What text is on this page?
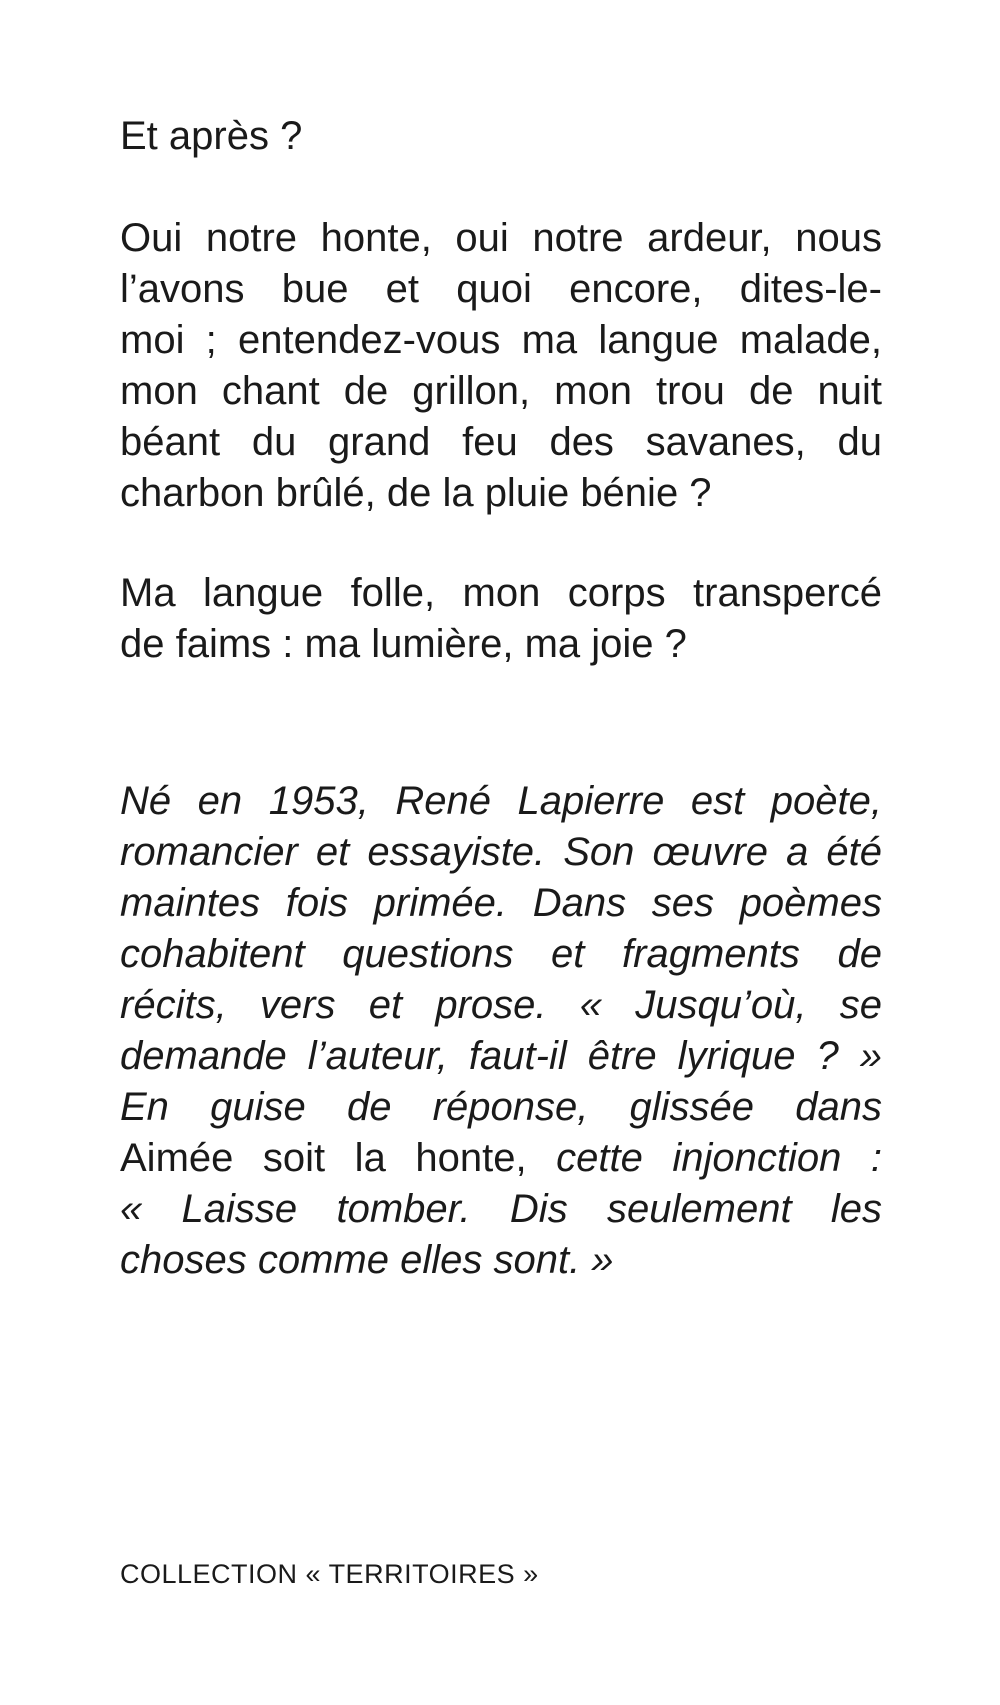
Et après ?
Oui notre honte, oui notre ardeur, nous
l’avons bue et quoi encore, dites-le-
moi ; entendez-vous ma langue malade,
mon chant de grillon, mon trou de nuit
béant du grand feu des savanes, du
charbon brûlé, de la pluie bénie ?
Ma langue folle, mon corps transpercé
de faims : ma lumière, ma joie ?
Né en 1953, René Lapierre est poète,
romancier et essayiste. Son œuvre a été
maintes fois primée. Dans ses poèmes
cohabitent questions et fragments de
récits, vers et prose. « Jusqu’où, se
demande l’auteur, faut-il être lyrique ? »
En guise de réponse, glissée dans
Aimée soit la honte, cette injonction :
« Laisse tomber. Dis seulement les
choses comme elles sont. »
COLLECTION « TERRITOIRES »
